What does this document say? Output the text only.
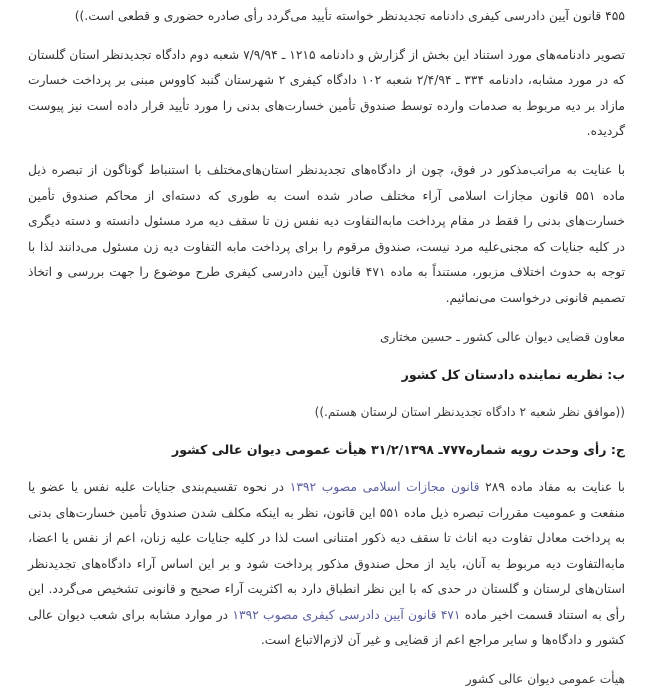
۴۵۵ قانون آیین دادرسی کیفری دادنامه تجدیدنظر خواسته تأیید می‌گردد رأی صادره حضوری و قطعی است.))

تصویر دادنامه‌های مورد استناد این بخش از گزارش و دادنامه ۱۲۱۵ ـ ۷/۹/۹۴ شعبه دوم دادگاه تجدیدنظر استان گلستان که در مورد مشابه، دادنامه ۳۳۴ ـ ۲/۴/۹۴ شعبه ۱۰۲ دادگاه کیفری ۲ شهرستان گنبد کاووس مبنی بر پرداخت خسارت مازاد بر دیه مربوط به صدمات وارده توسط صندوق تأمین خسارت‌های بدنی را مورد تأیید قرار داده است نیز پیوست گردیده.

با عنایت به مراتب‌مذکور در فوق، چون از دادگاه‌های تجدیدنظر استان‌های‌مختلف با استنباط گوناگون از تبصره ذیل ماده ۵۵۱ قانون مجازات اسلامی آراء مختلف صادر شده است به طوری که دسته‌ای از محاکم صندوق تأمین خسارت‌های بدنی را فقط در مقام پرداخت مابه‌التفاوت دیه نفس زن تا سقف دیه مرد مسئول دانسته و دسته دیگری در کلیه جنایات که مجنی‌علیه مرد نیست، صندوق مرقوم را برای پرداخت مابه التفاوت دیه زن مسئول می‌دانند لذا با توجه به حدوث اختلاف مزبور، مستنداً به ماده ۴۷۱ قانون آیین دادرسی کیفری طرح موضوع را جهت بررسی و اتخاذ تصمیم قانونی درخواست می‌نمائیم.

معاون قضایی دیوان عالی کشور ـ حسین مختاری

ب: نظریه نماینده دادستان کل کشور

((موافق نظر شعبه ۲ دادگاه تجدیدنظر استان لرستان هستم.))

ج: رأی وحدت رویه شماره۷۷۷ـ ۳۱/۲/۱۳۹۸ هیأت عمومی دیوان عالی کشور

با عنایت به مفاد ماده ۲۸۹ قانون مجازات اسلامی مصوب ۱۳۹۲ در نحوه تقسیم‌بندی جنایات علیه نفس یا عضو یا منفعت و عمومیت مقررات تبصره ذیل ماده ۵۵۱ این قانون، نظر به اینکه مکلف شدن صندوق تأمین خسارت‌های بدنی به پرداخت معادل تفاوت دیه اناث تا سقف دیه ذکور امتنانی است لذا در کلیه جنایات علیه زنان، اعم از نفس یا اعضا، مابه‌التفاوت دیه مربوط به آنان، باید از محل صندوق مذکور پرداخت شود و بر این اساس آراء دادگاه‌های تجدیدنظر استان‌های لرستان و گلستان در حدی که با این نظر انطباق دارد به اکثریت آراء صحیح و قانونی تشخیص می‌گردد. این رأی به استناد قسمت اخیر ماده ۴۷۱ قانون آیین دادرسی کیفری مصوب ۱۳۹۲ در موارد مشابه برای شعب دیوان عالی کشور و دادگاه‌ها و سایر مراجع اعم از قضایی و غیر آن لازم‌الاتباع است.

هیأت عمومی دیوان عالی کشور
